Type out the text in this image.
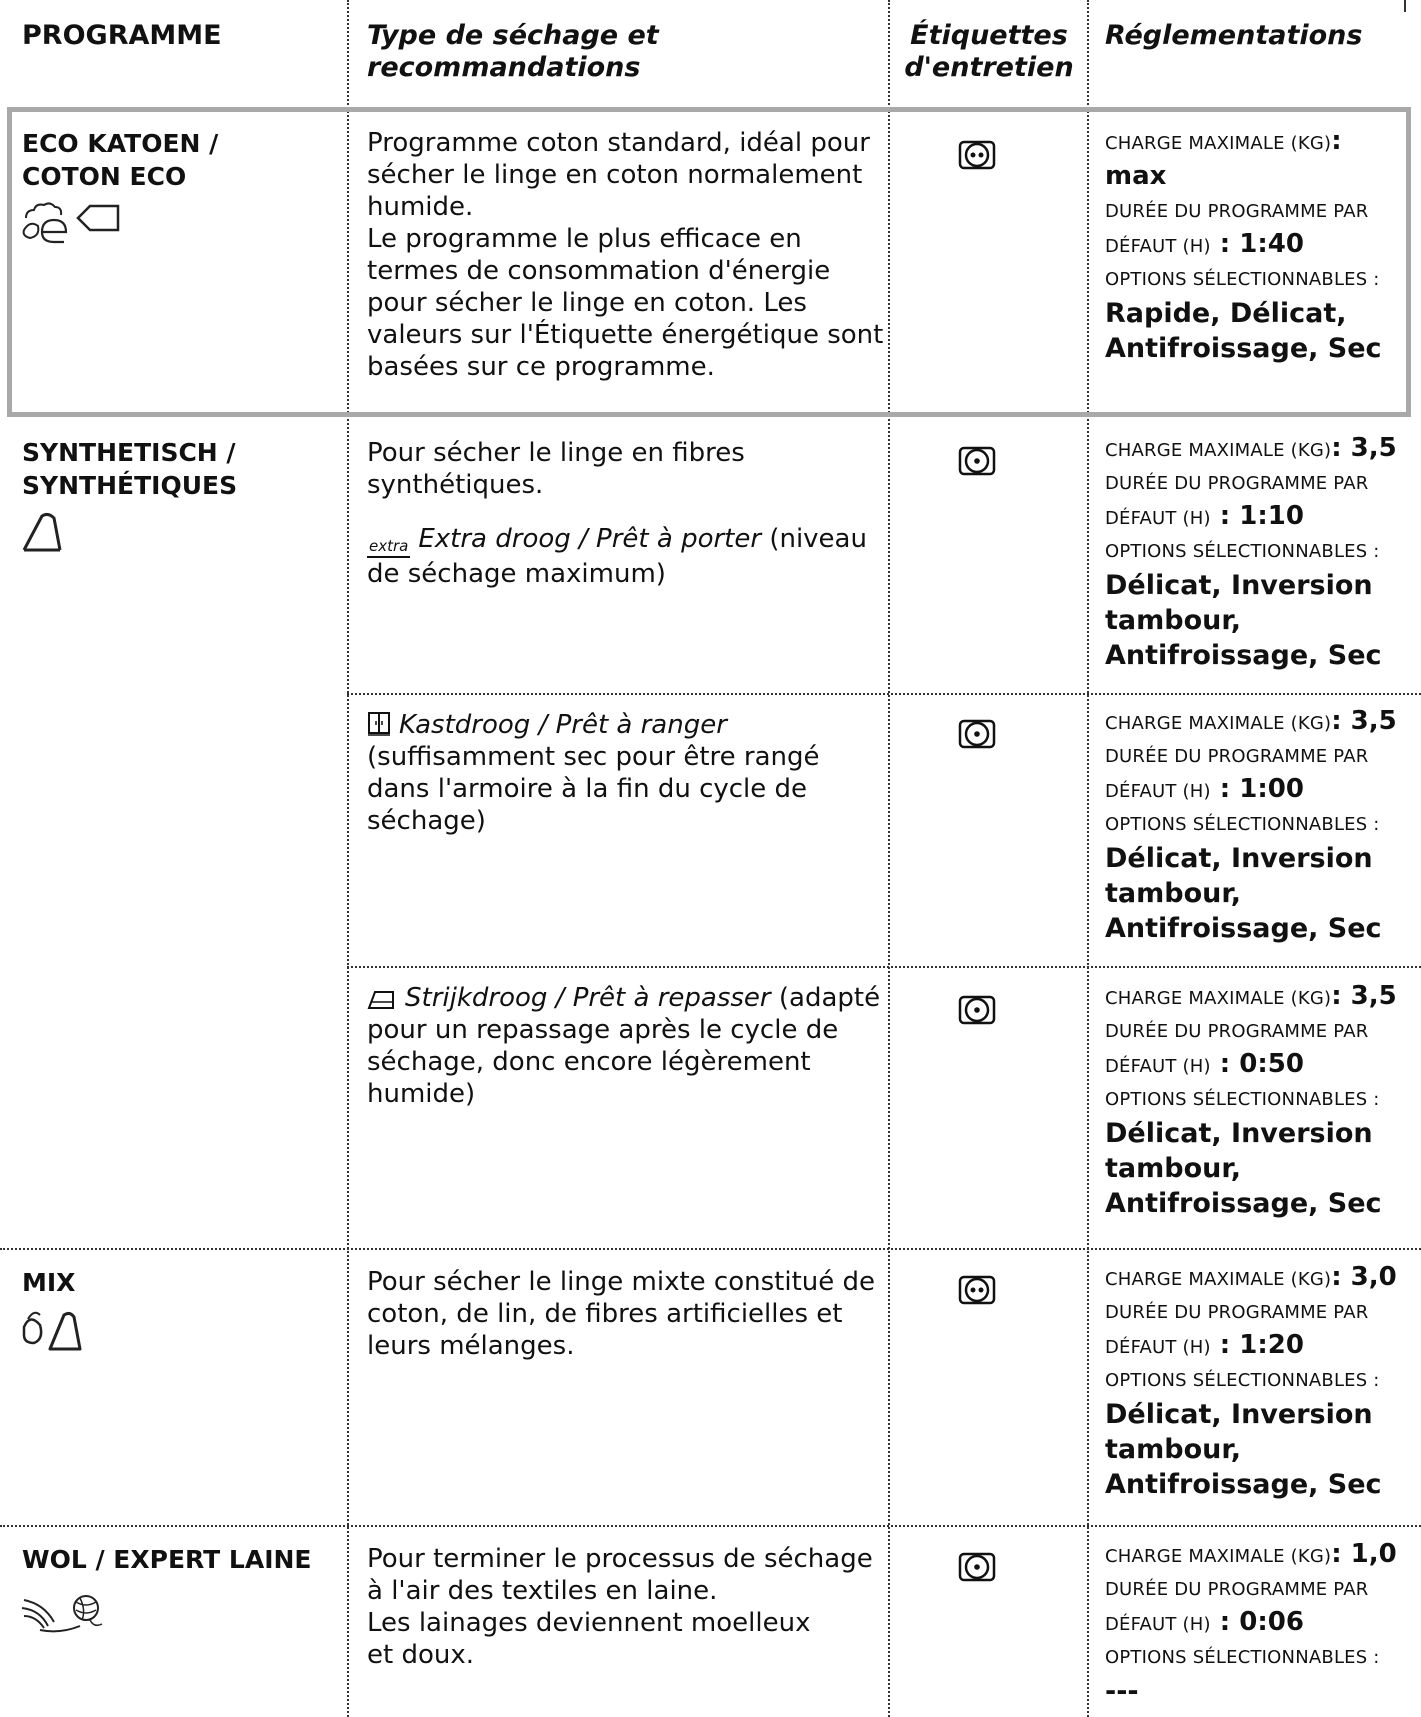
PROGRAMME	Type de séchage et
recommandations
Étiquettes
d'entretien
Réglementations
ECO KATOEN /
COTON ECO

Programme coton standard, idéal pour sécher le linge en coton normalement humide.

Le programme le plus efficace en termes de consommation d'énergie pour sécher le linge en coton. Les valeurs sur l'Étiquette énergétique sont basées sur ce programme.

CHARGE MAXIMALE (KG): max
DURÉE DU PROGRAMME PAR DÉFAUT (H) : 1:40
OPTIONS SÉLECTIONNABLES :
Rapide, Délicat, Antifroissage, Sec
SYNTHETISCH /
SYNTHÉTIQUES

Pour sécher le linge en fibres synthétiques.

extra Extra droog / Prêt à porter (niveau de séchage maximum)

CHARGE MAXIMALE (KG): 3,5
DURÉE DU PROGRAMME PAR DÉFAUT (H) : 1:10
OPTIONS SÉLECTIONNABLES :
Délicat, Inversion tambour, Antifroissage, Sec

Kastdroog / Prêt à ranger

(suffisamment sec pour être rangé dans l'armoire à la fin du cycle de séchage)

CHARGE MAXIMALE (KG): 3,5
DURÉE DU PROGRAMME PAR DÉFAUT (H) : 1:00
OPTIONS SÉLECTIONNABLES :
Délicat, Inversion tambour, Antifroissage, Sec

Strijkdroog / Prêt à repasser (adapté pour un repassage après le cycle de séchage, donc encore légèrement humide)

CHARGE MAXIMALE (KG): 3,5
DURÉE DU PROGRAMME PAR DÉFAUT (H) : 0:50
OPTIONS SÉLECTIONNABLES :
Délicat, Inversion tambour, Antifroissage, Sec
MIX	Pour sécher le linge mixte constitué de coton, de lin, de fibres artificielles et leurs mélanges.

CHARGE MAXIMALE (KG): 3,0
DURÉE DU PROGRAMME PAR DÉFAUT (H) : 1:20
OPTIONS SÉLECTIONNABLES :
Délicat, Inversion tambour, Antifroissage, Sec
WOL / EXPERT LAINE Pour terminer le processus de séchage à l'air des textiles en laine.

Les lainages deviennent moelleux

et doux.

CHARGE MAXIMALE (KG): 1,0
DURÉE DU PROGRAMME PAR DÉFAUT (H) : 0:06
OPTIONS SÉLECTIONNABLES :
---
